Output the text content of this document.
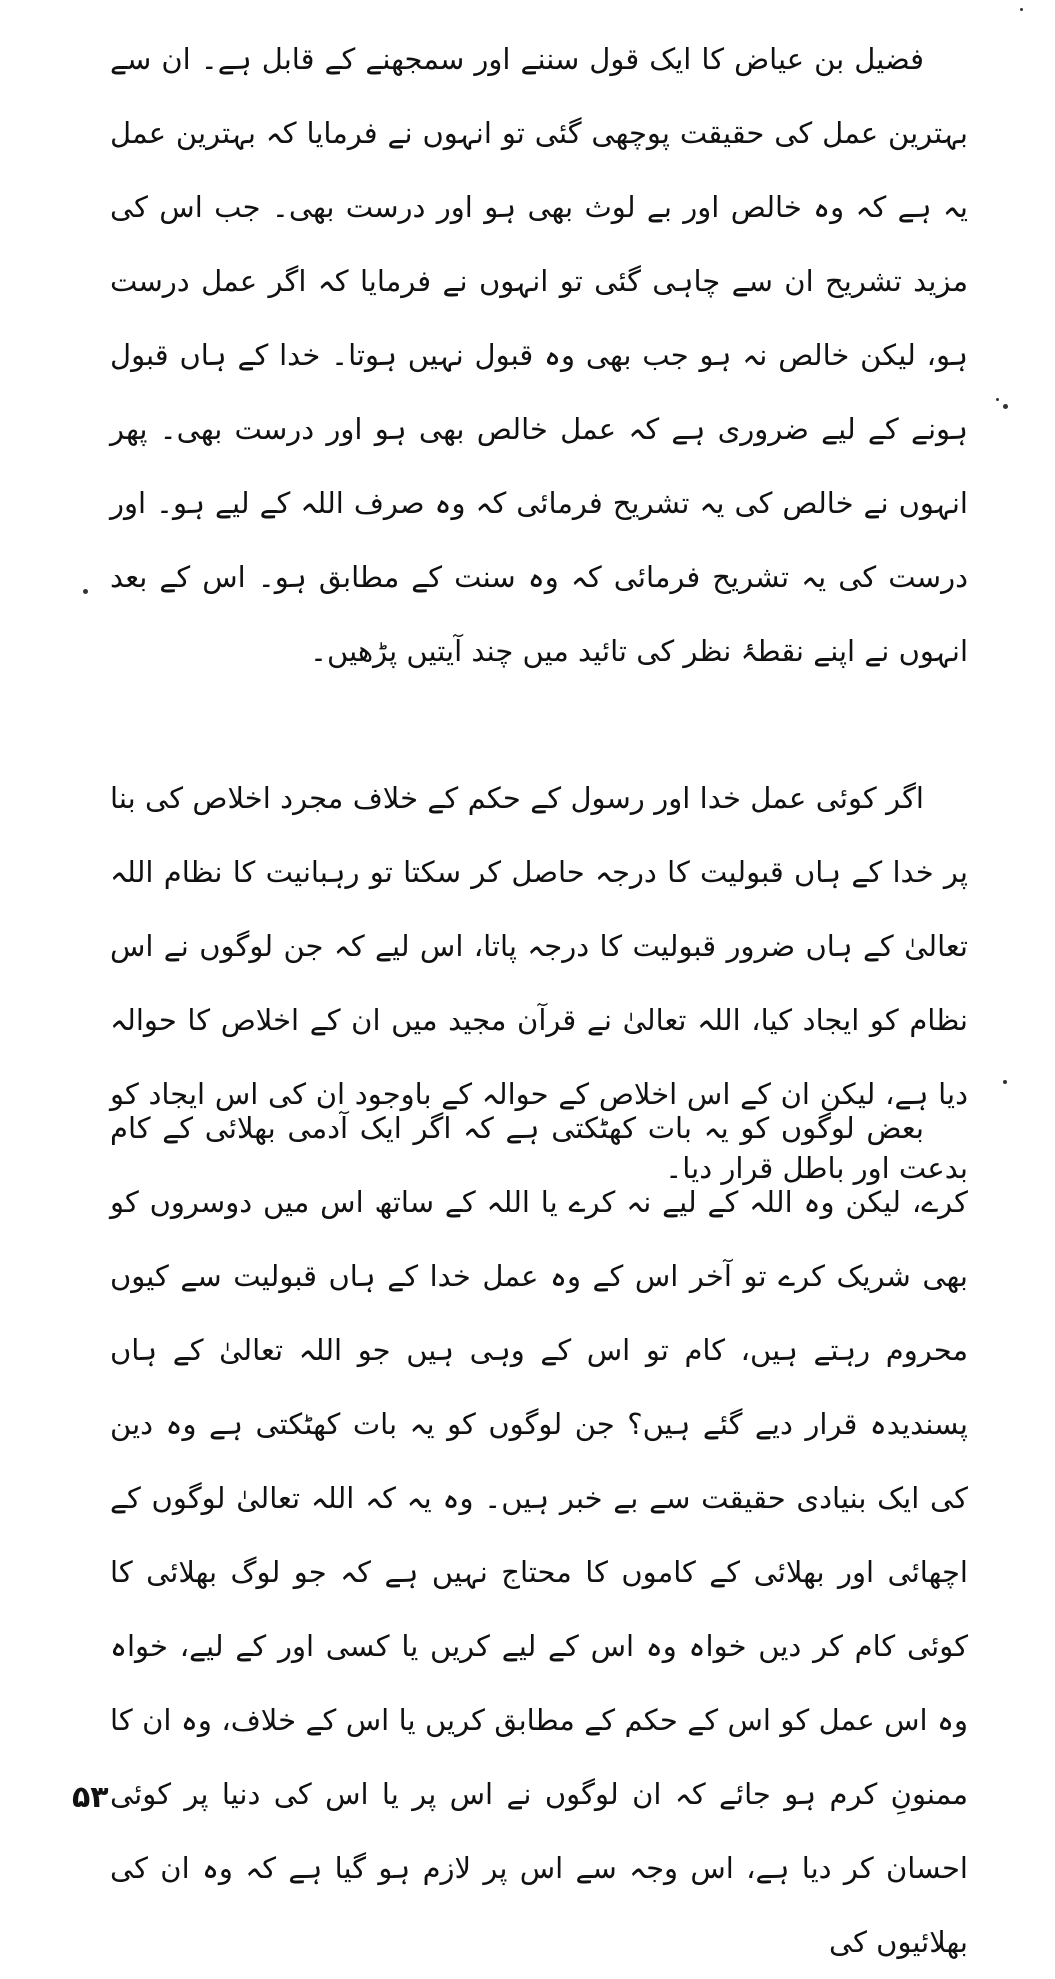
فضیل بن عیاض کا ایک قول سننے اور سمجھنے کے قابل ہے۔ ان سے بہترین عمل کی حقیقت پوچھی گئی تو انہوں نے فرمایا کہ بہترین عمل یہ ہے کہ وہ خالص اور بے لوث بھی ہو اور درست بھی۔ جب اس کی مزید تشریح ان سے چاہی گئی تو انہوں نے فرمایا کہ اگر عمل درست ہو، لیکن خالص نہ ہو جب بھی وہ قبول نہیں ہوتا۔ خدا کے ہاں قبول ہونے کے لیے ضروری ہے کہ عمل خالص بھی ہو اور درست بھی۔ پھر انہوں نے خالص کی یہ تشریح فرمائی کہ وہ صرف اللہ کے لیے ہو۔ اور درست کی یہ تشریح فرمائی کہ وہ سنت کے مطابق ہو۔ اس کے بعد انہوں نے اپنے نقطۂ نظر کی تائید میں چند آیتیں پڑھیں۔

اگر کوئی عمل خدا اور رسول کے حکم کے خلاف مجرد اخلاص کی بنا پر خدا کے ہاں قبولیت کا درجہ حاصل کر سکتا تو رہبانیت کا نظام اللہ تعالیٰ کے ہاں ضرور قبولیت کا درجہ پاتا، اس لیے کہ جن لوگوں نے اس نظام کو ایجاد کیا، اللہ تعالیٰ نے قرآن مجید میں ان کے اخلاص کا حوالہ دیا ہے، لیکن ان کے اس اخلاص کے حوالہ کے باوجود ان کی اس ایجاد کو بدعت اور باطل قرار دیا۔

بعض لوگوں کو یہ بات کھٹکتی ہے کہ اگر ایک آدمی بھلائی کے کام کرے، لیکن وہ اللہ کے لیے نہ کرے یا اللہ کے ساتھ اس میں دوسروں کو بھی شریک کرے تو آخر اس کے وہ عمل خدا کے ہاں قبولیت سے کیوں محروم رہتے ہیں، کام تو اس کے وہی ہیں جو اللہ تعالیٰ کے ہاں پسندیدہ قرار دیے گئے ہیں؟ جن لوگوں کو یہ بات کھٹکتی ہے وہ دین کی ایک بنیادی حقیقت سے بے خبر ہیں۔ وہ یہ کہ اللہ تعالیٰ لوگوں کے اچھائی اور بھلائی کے کاموں کا محتاج نہیں ہے کہ جو لوگ بھلائی کا کوئی کام کر دیں خواہ وہ اس کے لیے کریں یا کسی اور کے لیے، خواہ وہ اس عمل کو اس کے حکم کے مطابق کریں یا اس کے خلاف، وہ ان کا ممنونِ کرم ہو جائے کہ ان لوگوں نے اس پر یا اس کی دنیا پر کوئی احسان کر دیا ہے، اس وجہ سے اس پر لازم ہو گیا ہے کہ وہ ان کی بھلائیوں کی

۵۳
